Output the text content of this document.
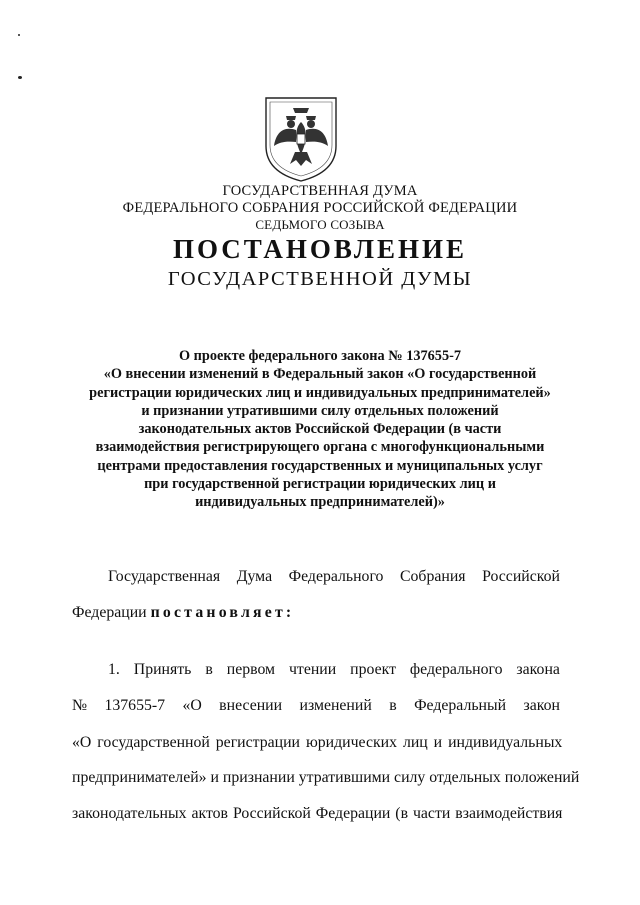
ГОСУДАРСТВЕННАЯ ДУМА
ФЕДЕРАЛЬНОГО СОБРАНИЯ РОССИЙСКОЙ ФЕДЕРАЦИИ
СЕДЬМОГО СОЗЫВА
ПОСТАНОВЛЕНИЕ
ГОСУДАРСТВЕННОЙ ДУМЫ
О проекте федерального закона № 137655-7
«О внесении изменений в Федеральный закон «О государственной
регистрации юридических лиц и индивидуальных предпринимателей»
и признании утратившими силу отдельных положений
законодательных актов Российской Федерации (в части
взаимодействия регистрирующего органа с многофункциональными
центрами предоставления государственных и муниципальных услуг
при государственной регистрации юридических лиц и
индивидуальных предпринимателей)»
Государственная Дума Федерального Собрания Российской
Федерации постановляет:
1. Принять в первом чтении проект федерального закона
№ 137655-7 «О внесении изменений в Федеральный закон
«О государственной регистрации юридических лиц и индивидуальных
предпринимателей» и признании утратившими силу отдельных положений
законодательных актов Российской Федерации (в части взаимодействия
